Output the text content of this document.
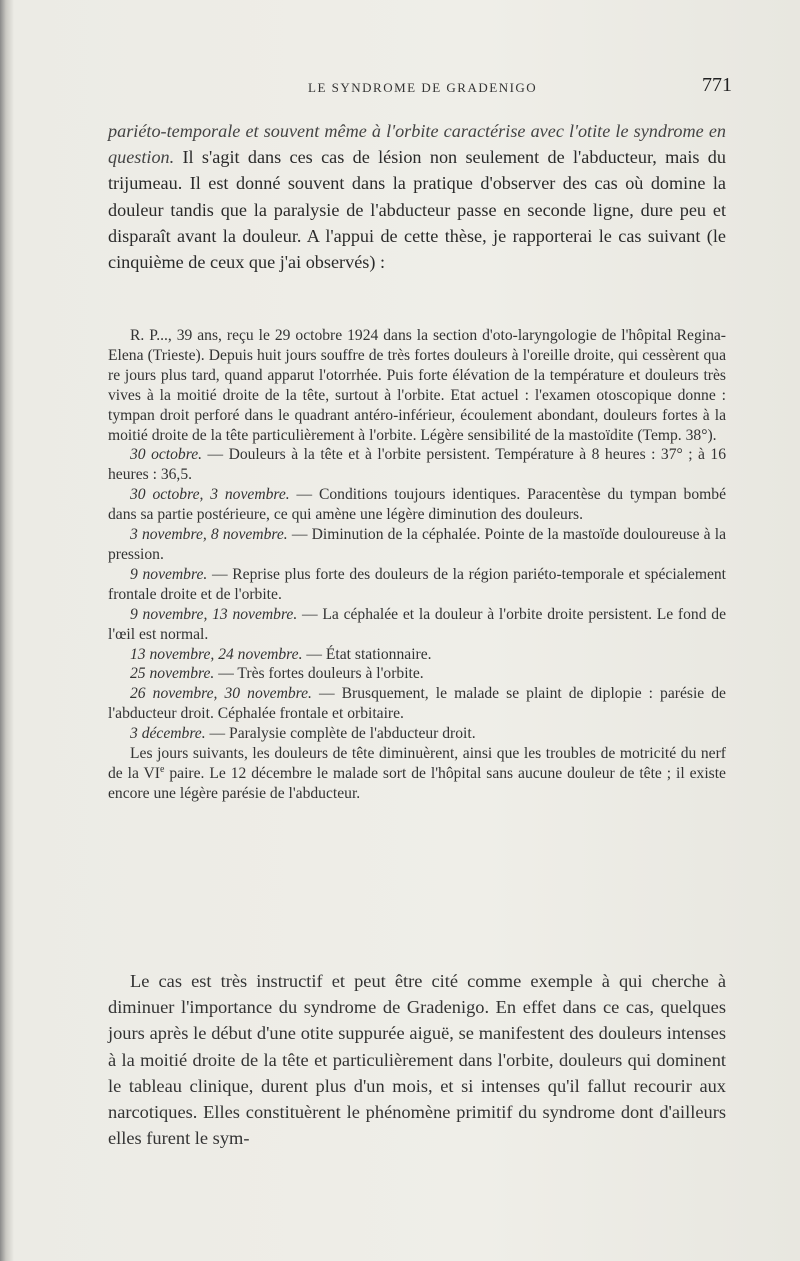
LE SYNDROME DE GRADENIGO	771
pariéto-temporale et souvent même à l'orbite caractérise avec l'otite le syndrome en question. Il s'agit dans ces cas de lésion non seulement de l'abducteur, mais du trijumeau. Il est donné souvent dans la pratique d'observer des cas où domine la douleur tandis que la paralysie de l'abducteur passe en seconde ligne, dure peu et disparaît avant la douleur. A l'appui de cette thèse, je rapporterai le cas suivant (le cinquième de ceux que j'ai observés) :

R. P..., 39 ans, reçu le 29 octobre 1924 dans la section d'oto-laryngologie de l'hôpital Regina-Elena (Trieste). Depuis huit jours souffre de très fortes douleurs à l'oreille droite, qui cessèrent qua re jours plus tard, quand apparut l'otorrhée. Puis forte élévation de la température et douleurs très vives à la moitié droite de la tête, surtout à l'orbite. Etat actuel : l'examen otoscopique donne : tympan droit perforé dans le quadrant antéro-inférieur, écoulement abondant, douleurs fortes à la moitié droite de la tête particulièrement à l'orbite. Légère sensibilité de la mastoïdite (Temp. 38°).

30 octobre. — Douleurs à la tête et à l'orbite persistent. Température à 8 heures : 37° ; à 16 heures : 36,5.

30 octobre, 3 novembre. — Conditions toujours identiques. Paracentèse du tympan bombé dans sa partie postérieure, ce qui amène une légère diminution des douleurs.

3 novembre, 8 novembre. — Diminution de la céphalée. Pointe de la mastoïde douloureuse à la pression.

9 novembre. — Reprise plus forte des douleurs de la région pariéto-temporale et spécialement frontale droite et de l'orbite.

9 novembre, 13 novembre. — La céphalée et la douleur à l'orbite droite persistent. Le fond de l'œil est normal.

13 novembre, 24 novembre. — État stationnaire.

25 novembre. — Très fortes douleurs à l'orbite.

26 novembre, 30 novembre. — Brusquement, le malade se plaint de diplopie : parésie de l'abducteur droit. Céphalée frontale et orbitaire.

3 décembre. — Paralysie complète de l'abducteur droit.

Les jours suivants, les douleurs de tête diminuèrent, ainsi que les troubles de motricité du nerf de la VIe paire. Le 12 décembre le malade sort de l'hôpital sans aucune douleur de tête ; il existe encore une légère parésie de l'abducteur.

Le cas est très instructif et peut être cité comme exemple à qui cherche à diminuer l'importance du syndrome de Gradenigo. En effet dans ce cas, quelques jours après le début d'une otite suppurée aiguë, se manifestent des douleurs intenses à la moitié droite de la tête et particulièrement dans l'orbite, douleurs qui dominent le tableau clinique, durent plus d'un mois, et si intenses qu'il fallut recourir aux narcotiques. Elles constituèrent le phénomène primitif du syndrome dont d'ailleurs elles furent le sym-
